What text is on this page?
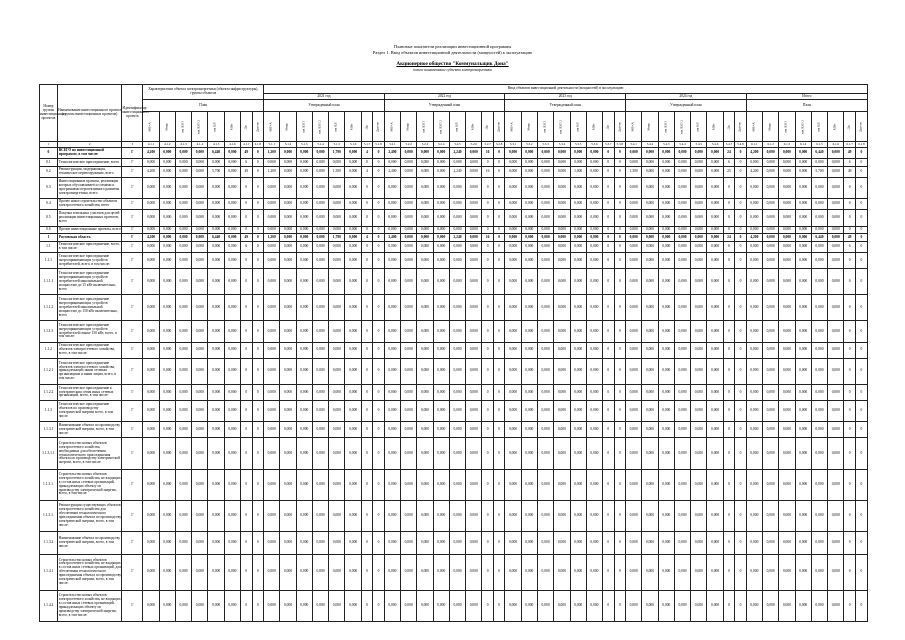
Плановые показатели реализации инвестиционной программы
Раздел 1. Ввод объектов инвестиционной деятельности (мощностей) в эксплуатацию
Акционерное общество "Коммунальщик Дона"
полное наименование субъекта электроэнергетики
Номер группы инвестиционных проектов	Наименование инвестиционного проекта (группы инвестиционных проектов)	Идентификатор инвестиционного проекта	Характеристики объекта электроэнергетики (объекта инфраструктуры), группы объектов								Ввод объектов инвестиционной деятельности (мощностей) в эксплуатацию																																							
											2021 год								2022 год								2023 год								2024 год								Итого							
			План								Утвержденный план								Утвержденный план								Утвержденный план								Утвержденный план								План							

			МВ×А	Мвар	км ЛЭП	км ЛЭП 2	км КЛ	МВт	Др.	Другое	МВ×А	Мвар	км ЛЭП	км ЛЭП 2	км КЛ	МВт	Др.	Другое	МВ×А	Мвар	км ЛЭП	км ЛЭП 2	км КЛ	МВт	Др.	Другое	МВ×А	Мвар	км ЛЭП	км ЛЭП 2	км КЛ	МВт	Др.	Другое	МВ×А	Мвар	км ЛЭП	км ЛЭП 2	км КЛ	МВт	Др.	Другое	МВ×А	Мвар	км ЛЭП	км ЛЭП 2	км КЛ	МВт	Др.	Другое

1	2	3	4.1.1	4.1.2	4.1.3	4.1.4	4.1.5	4.1.6	4.1.7	4.1.8	5.1.1	5.1.2	5.1.3	5.1.4	5.1.5	5.1.6	5.1.7	5.1.8	5.2.1	5.2.2	5.2.3	5.2.4	5.2.5	5.2.6	5.2.7	5.2.8	5.3.1	5.3.2	5.3.3	5.3.4	5.3.5	5.3.6	5.3.7	5.3.8	5.4.1	5.4.2	5.4.3	5.4.4	5.4.5	5.4.6	5.4.7	5.4.8	6.1.1	6.1.2	6.1.3	6.1.4	6.1.5	6.1.6	6.1.7	6.1.8
0	ВСЕГО по инвестиционной программе, в том числе:	Г	4,200	0,000	0,000	0,000	6,440	0,000	49	0	1,200	0,000	0,000	0,000	1,790	0,000	4	0	2,400	0,000	0,000	0,000	2,240	0,000	16	0	0,000	0,000	0,000	0,000	0,000	0,000	0	0	0,000	0,000	0,000	0,000	0,000	0,000	24	0	4,200	0,000	0,000	0,000	6,440	0,000	49	0
0.1	Технологическое присоединение, всего	Г	0,000	0,000	0,000	0,000	0,000	0,000	6	0	0,000	0,000	0,000	0,000	0,000	0,000	0	0	0,000	0,000	0,000	0,000	0,000	0,000	0	0	0,000	0,000	0,000	0,000	0,000	0,000	0	0	0,000	0,000	0,000	0,000	0,000	0,000	6	0	0,000	0,000	0,000	0,000	0,000	0,000	6	0
0.2	Реконструкция, модернизация, техническое перевооружение, всего	Г	4,200	0,000	0,000	0,000	5,700	0,000	49	0	1,200	0,000	0,000	0,000	1,500	0,000	4	0	2,400	0,000	0,000	0,000	2,240	0,000	16	0	0,000	0,000	0,000	0,000	1,000	0,000	0	0	1,500	0,000	0,000	0,000	0,000	0,000	25	0	4,200	0,000	0,000	0,000	5,700	0,000	49	0
0.3	Инвестиционные проекты, реализация которых обуславливается схемами и программами перспективного развития электроэнергетики, всего	Г	0,000	0,000	0,000	0,000	0,000	0,000	0	0	0,000	0,000	0,000	0,000	0,000	0,000	0	0	0,000	0,000	0,000	0,000	0,000	0,000	0	0	0,000	0,000	0,000	0,000	0,000	0,000	0	0	0,000	0,000	0,000	0,000	0,000	0,000	0	0	0,000	0,000	0,000	0,000	0,000	0,000	0	0
0.4	Прочее новое строительство объектов электросетевого хозяйства, всего	Г	0,000	0,000	0,000	0,000	0,000	0,000	0	0	0,000	0,000	0,000	0,000	0,000	0,000	0	0	0,000	0,000	0,000	0,000	0,000	0,000	0	0	0,000	0,000	0,000	0,000	0,000	0,000	0	0	0,000	0,000	0,000	0,000	0,000	0,000	0	0	0,000	0,000	0,000	0,000	0,000	0,000	0	0
0.5	Покупка земельных участков для целей реализации инвестиционных проектов, всего	Г	0,000	0,000	0,000	0,000	0,000	0,000	0	0	0,000	0,000	0,000	0,000	0,000	0,000	0	0	0,000	0,000	0,000	0,000	0,000	0,000	0	0	0,000	0,000	0,000	0,000	0,000	0,000	0	0	0,000	0,000	0,000	0,000	0,000	0,000	0	0	0,000	0,000	0,000	0,000	0,000	0,000	0	0
0.6	Прочие инвестиционные проекты, всего	Г	0,000	0,000	0,000	0,000	0,000	0,000	0	0	0,000	0,000	0,000	0,000	0,000	0,000	0	0	0,000	0,000	0,000	0,000	0,000	0,000	0	0	0,000	0,000	0,000	0,000	0,000	0,000	0	0	0,000	0,000	0,000	0,000	0,000	0,000	0	0	0,000	0,000	0,000	0,000	0,000	0,000	0	0
1	Ростовская область	Г	4,200	0,000	0,000	0,000	6,440	0,000	49	0	1,200	0,000	0,000	0,000	1,790	0,000	4	0	2,400	0,000	0,000	0,000	2,240	0,000	16	0	0,000	0,000	0,000	0,000	0,000	0,000	0	0	0,000	0,000	0,000	0,000	0,000	0,000	24	0	4,200	0,000	0,000	0,000	6,440	0,000	49	0
1.1	Технологическое присоединение, всего, в том числе:	Г	0,000	0,000	0,000	0,000	0,000	0,000	6	0	0,000	0,000	0,000	0,000	0,000	0,000	0	0	0,000	0,000	0,000	0,000	0,000	0,000	0	0	0,000	0,000	0,000	0,000	0,000	0,000	0	0	0,000	0,000	0,000	0,000	0,000	0,000	6	0	0,000	0,000	0,000	0,000	0,000	0,000	6	0
1.1.1	Технологическое присоединение энергопринимающих устройств потребителей, всего, в том числе:	Г	0,000	0,000	0,000	0,000	0,000	0,000	0	0	0,000	0,000	0,000	0,000	0,000	0,000	0	0	0,000	0,000	0,000	0,000	0,000	0,000	0	0	0,000	0,000	0,000	0,000	0,000	0,000	0	0	0,000	0,000	0,000	0,000	0,000	0,000	0	0	0,000	0,000	0,000	0,000	0,000	0,000	0	0
1.1.1.1	Технологическое присоединение энергопринимающих устройств потребителей максимальной мощностью до 15 кВт включительно, всего	Г	0,000	0,000	0,000	0,000	0,000	0,000	0	0	0,000	0,000	0,000	0,000	0,000	0,000	0	0	0,000	0,000	0,000	0,000	0,000	0,000	0	0	0,000	0,000	0,000	0,000	0,000	0,000	0	0	0,000	0,000	0,000	0,000	0,000	0,000	0	0	0,000	0,000	0,000	0,000	0,000	0,000	0	0
1.1.1.2	Технологическое присоединение энергопринимающих устройств потребителей максимальной мощностью до 150 кВт включительно, всего	Г	0,000	0,000	0,000	0,000	0,000	0,000	0	0	0,000	0,000	0,000	0,000	0,000	0,000	0	0	0,000	0,000	0,000	0,000	0,000	0,000	0	0	0,000	0,000	0,000	0,000	0,000	0,000	0	0	0,000	0,000	0,000	0,000	0,000	0,000	0	0	0,000	0,000	0,000	0,000	0,000	0,000	0	0
1.1.1.3	Технологическое присоединение энергопринимающих устройств потребителей свыше 150 кВт, всего, в том числе:	Г	0,000	0,000	0,000	0,000	0,000	0,000	0	0	0,000	0,000	0,000	0,000	0,000	0,000	0	0	0,000	0,000	0,000	0,000	0,000	0,000	0	0	0,000	0,000	0,000	0,000	0,000	0,000	0	0	0,000	0,000	0,000	0,000	0,000	0,000	0	0	0,000	0,000	0,000	0,000	0,000	0,000	0	0
1.1.2	Технологическое присоединение объектов электросетевого хозяйства, всего, в том числе:	Г	0,000	0,000	0,000	0,000	0,000	0,000	0	0	0,000	0,000	0,000	0,000	0,000	0,000	0	0	0,000	0,000	0,000	0,000	0,000	0,000	0	0	0,000	0,000	0,000	0,000	0,000	0,000	0	0	0,000	0,000	0,000	0,000	0,000	0,000	0	0	0,000	0,000	0,000	0,000	0,000	0,000	0	0
1.1.2.1	Технологическое присоединение объектов электросетевого хозяйства, принадлежащих иным сетевым организациям и иным лицам, всего, в том числе:	Г	0,000	0,000	0,000	0,000	0,000	0,000	0	0	0,000	0,000	0,000	0,000	0,000	0,000	0	0	0,000	0,000	0,000	0,000	0,000	0,000	0	0	0,000	0,000	0,000	0,000	0,000	0,000	0	0	0,000	0,000	0,000	0,000	0,000	0,000	0	0	0,000	0,000	0,000	0,000	0,000	0,000	0	0
1.1.2.2	Технологическое присоединение к электрическим сетям иных сетевых организаций, всего, в том числе:	Г	0,000	0,000	0,000	0,000	0,000	0,000	0	0	0,000	0,000	0,000	0,000	0,000	0,000	0	0	0,000	0,000	0,000	0,000	0,000	0,000	0	0	0,000	0,000	0,000	0,000	0,000	0,000	0	0	0,000	0,000	0,000	0,000	0,000	0,000	0	0	0,000	0,000	0,000	0,000	0,000	0,000	0	0
1.1.3	Технологическое присоединение объектов по производству электрической энергии всего, в том числе:	Г	0,000	0,000	0,000	0,000	0,000	0,000	0	0	0,000	0,000	0,000	0,000	0,000	0,000	0	0	0,000	0,000	0,000	0,000	0,000	0,000	0	0	0,000	0,000	0,000	0,000	0,000	0,000	0	0	0,000	0,000	0,000	0,000	0,000	0,000	0	0	0,000	0,000	0,000	0,000	0,000	0,000	0	0
1.1.3.1	Наименование объекта по производству электрической энергии, всего, в том числе:	Г	0,000	0,000	0,000	0,000	0,000	0,000	0	0	0,000	0,000	0,000	0,000	0,000	0,000	0	0	0,000	0,000	0,000	0,000	0,000	0,000	0	0	0,000	0,000	0,000	0,000	0,000	0,000	0	0	0,000	0,000	0,000	0,000	0,000	0,000	0	0	0,000	0,000	0,000	0,000	0,000	0,000	0	0
1.1.3.1.1	Строительство новых объектов электросетевого хозяйства, необходимых для обеспечения технологического присоединения объекта по производству электрической энергии, всего, в том числе:	Г	0,000	0,000	0,000	0,000	0,000	0,000	0	0	0,000	0,000	0,000	0,000	0,000	0,000	0	0	0,000	0,000	0,000	0,000	0,000	0,000	0	0	0,000	0,000	0,000	0,000	0,000	0,000	0	0	0,000	0,000	0,000	0,000	0,000	0,000	0	0	0,000	0,000	0,000	0,000	0,000	0,000	0	0
1.1.3.1.	Строительство новых объектов электросетевого хозяйства, не входящих в состав иных сетевых организаций, принадлежащих объекту по производству электрической энергии, всего, в том числе:	Г	0,000	0,000	0,000	0,000	0,000	0,000	0	0	0,000	0,000	0,000	0,000	0,000	0,000	0	0	0,000	0,000	0,000	0,000	0,000	0,000	0	0	0,000	0,000	0,000	0,000	0,000	0,000	0	0	0,000	0,000	0,000	0,000	0,000	0,000	0	0	0,000	0,000	0,000	0,000	0,000	0,000	0	0
1.1.3.1.	Реконструкция существующих объектов электросетевого хозяйства для обеспечения технологического присоединения объекта по производству электрической энергии, всего, в том числе:	Г	0,000	0,000	0,000	0,000	0,000	0,000	0	0	0,000	0,000	0,000	0,000	0,000	0,000	0	0	0,000	0,000	0,000	0,000	0,000	0,000	0	0	0,000	0,000	0,000	0,000	0,000	0,000	0	0	0,000	0,000	0,000	0,000	0,000	0,000	0	0	0,000	0,000	0,000	0,000	0,000	0,000	0	0
1.1.3.2	Наименование объекта по производству электрической энергии, всего, в том числе:	Г	0,000	0,000	0,000	0,000	0,000	0,000	0	0	0,000	0,000	0,000	0,000	0,000	0,000	0	0	0,000	0,000	0,000	0,000	0,000	0,000	0	0	0,000	0,000	0,000	0,000	0,000	0,000	0	0	0,000	0,000	0,000	0,000	0,000	0,000	0	0	0,000	0,000	0,000	0,000	0,000	0,000	0	0
1.1.4.1	Строительство новых объектов электросетевого хозяйства, не входящих в состав иных сетевых организаций, для обеспечения технологического присоединения объекта по производству электрической энергии, всего, в том числе:	Г	0,000	0,000	0,000	0,000	0,000	0,000	0	0	0,000	0,000	0,000	0,000	0,000	0,000	0	0	0,000	0,000	0,000	0,000	0,000	0,000	0	0	0,000	0,000	0,000	0,000	0,000	0,000	0	0	0,000	0,000	0,000	0,000	0,000	0,000	0	0	0,000	0,000	0,000	0,000	0,000	0,000	0	0
1.1.4.2	Строительство новых объектов электросетевого хозяйства, не входящих в состав иных сетевых организаций, принадлежащих объекту по производству электрической энергии, всего, в том числе:	Г	0,000	0,000	0,000	0,000	0,000	0,000	0	0	0,000	0,000	0,000	0,000	0,000	0,000	0	0	0,000	0,000	0,000	0,000	0,000	0,000	0	0	0,000	0,000	0,000	0,000	0,000	0,000	0	0	0,000	0,000	0,000	0,000	0,000	0,000	0	0	0,000	0,000	0,000	0,000	0,000	0,000	0	0
